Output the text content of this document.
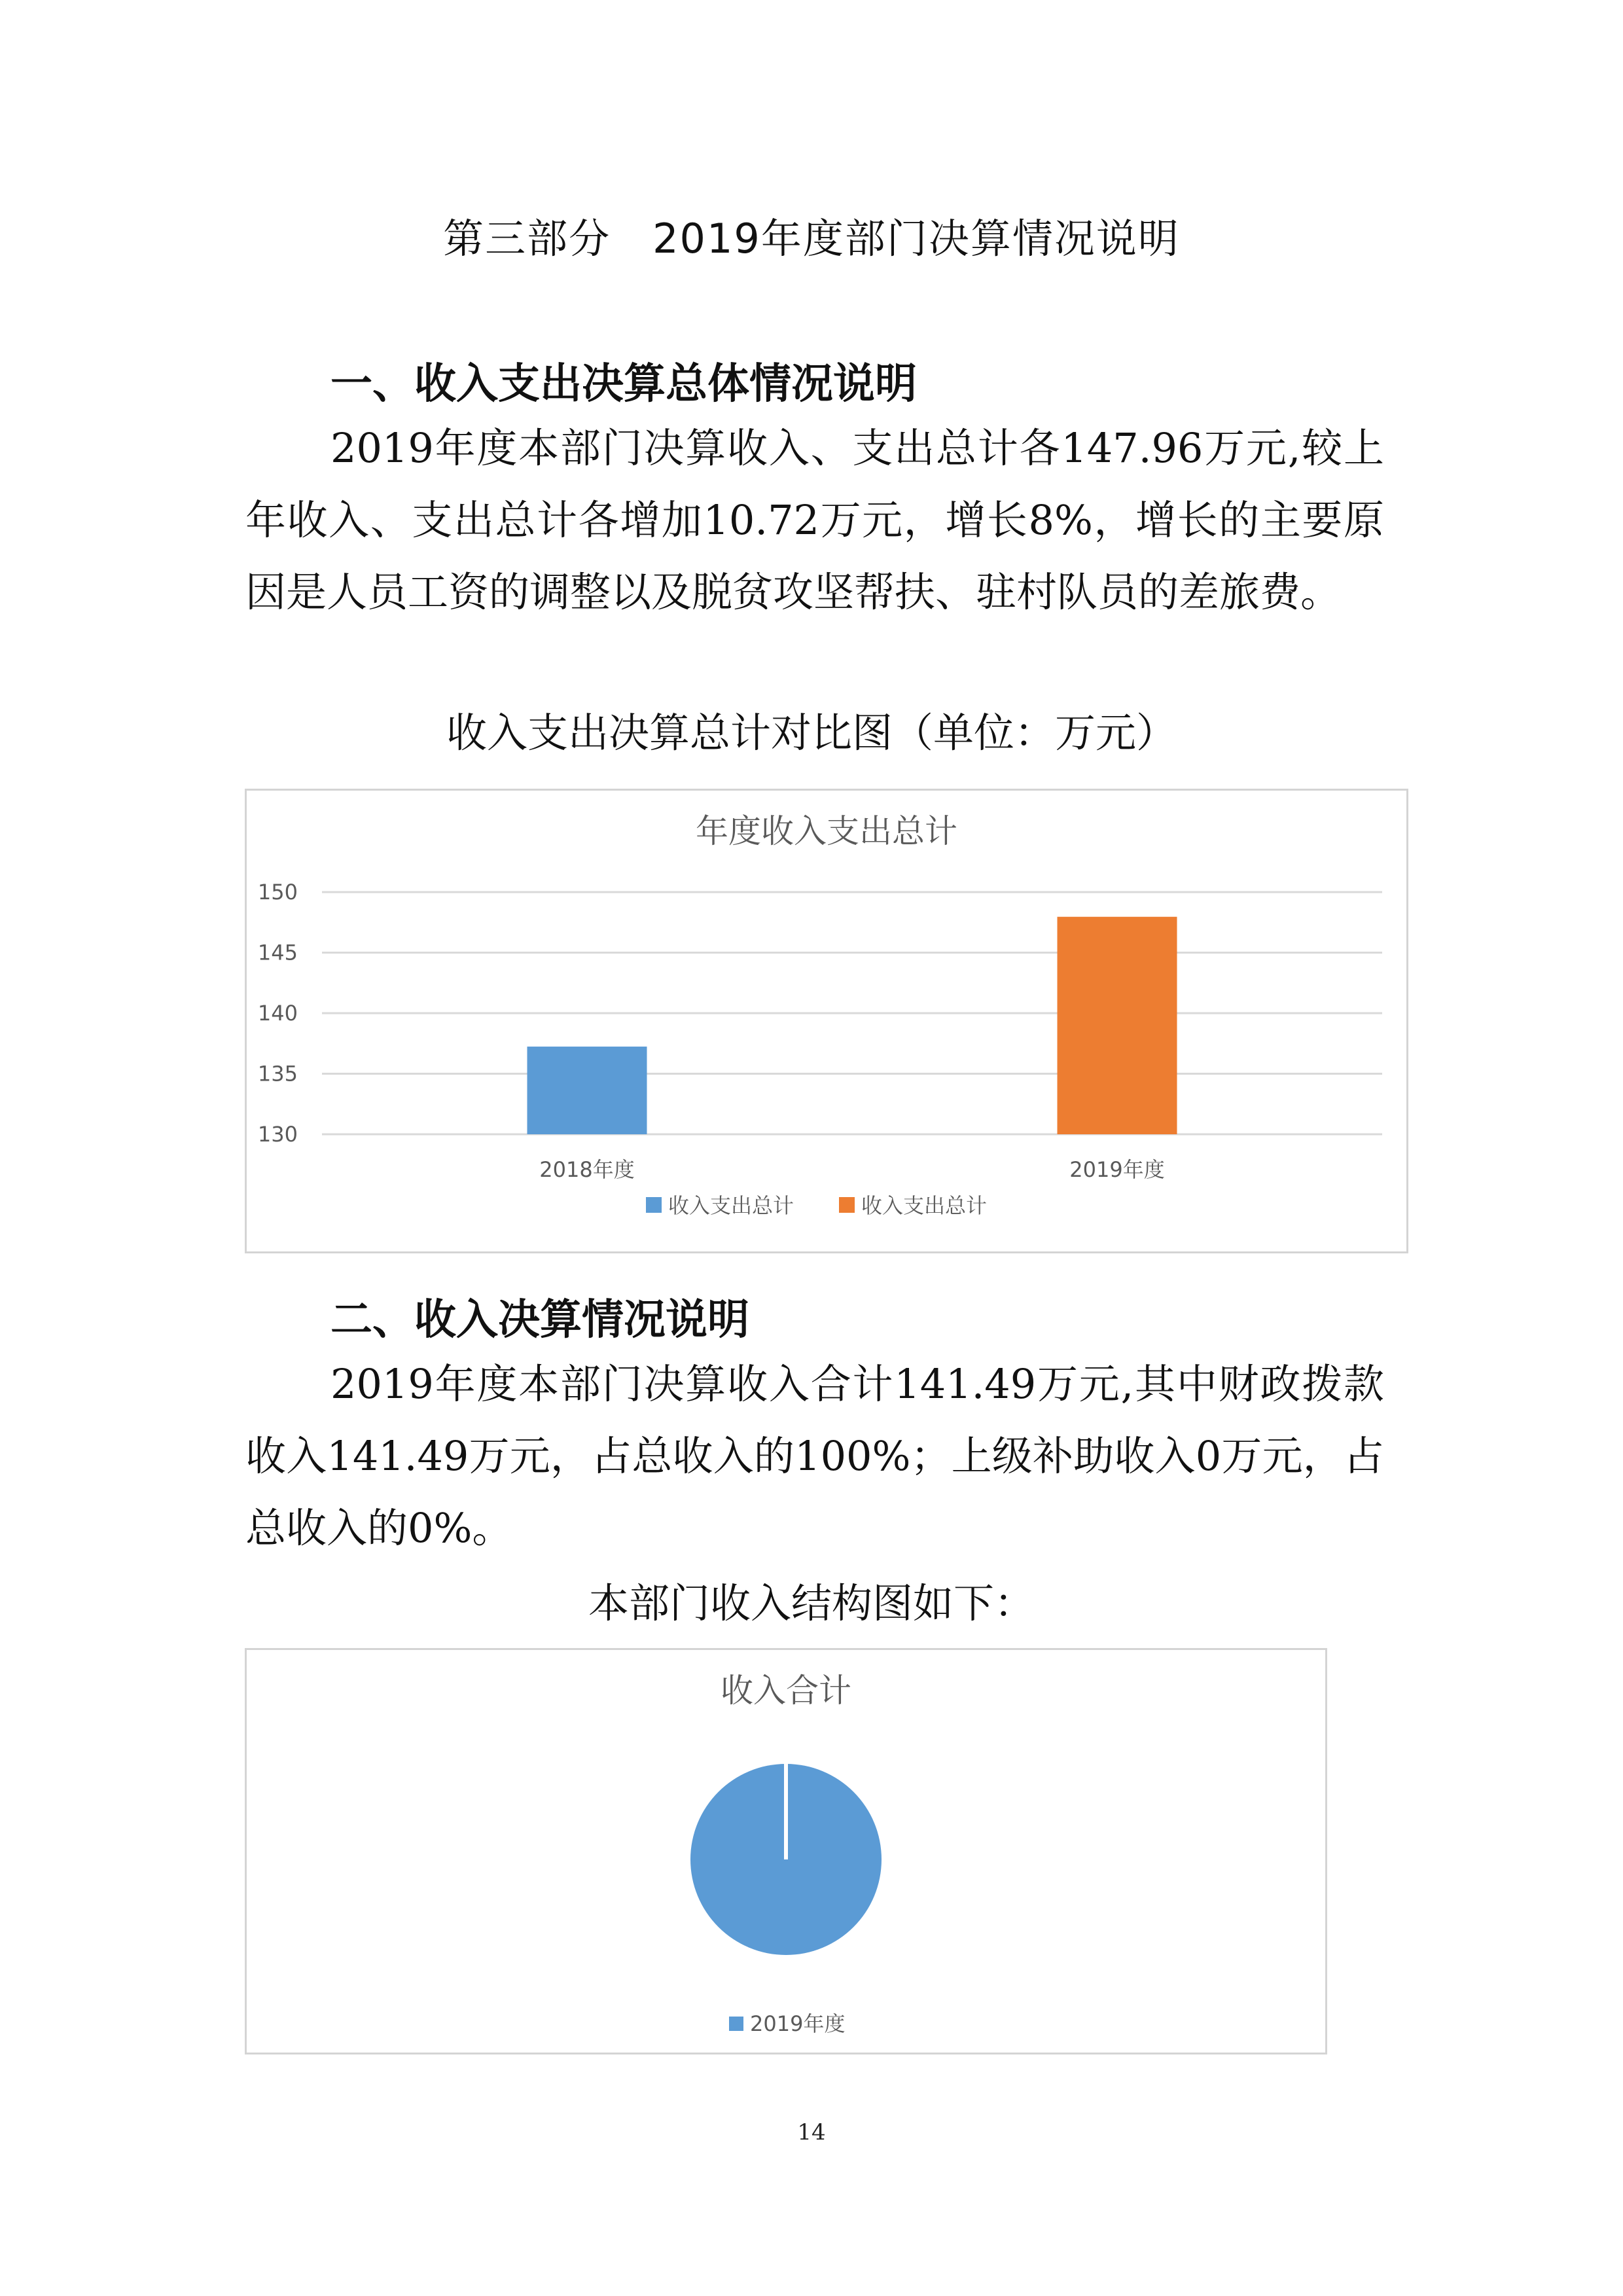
第三部分　2019年度部门决算情况说明
一、收入支出决算总体情况说明
2019年度本部门决算收入、支出总计各147.96万元,较上年收入、支出总计各增加10.72万元，增长8%，增长的主要原因是人员工资的调整以及脱贫攻坚帮扶、驻村队员的差旅费。
收入支出决算总计对比图（单位：万元）
年度收入支出总计
130
135
140
145
150
2018年度	2019年度
收入支出总计	收入支出总计
二、收入决算情况说明
2019年度本部门决算收入合计141.49万元,其中财政拨款收入141.49万元，占总收入的100%；上级补助收入0万元，占总收入的0%。
本部门收入结构图如下：
收入合计
2019年度
14
